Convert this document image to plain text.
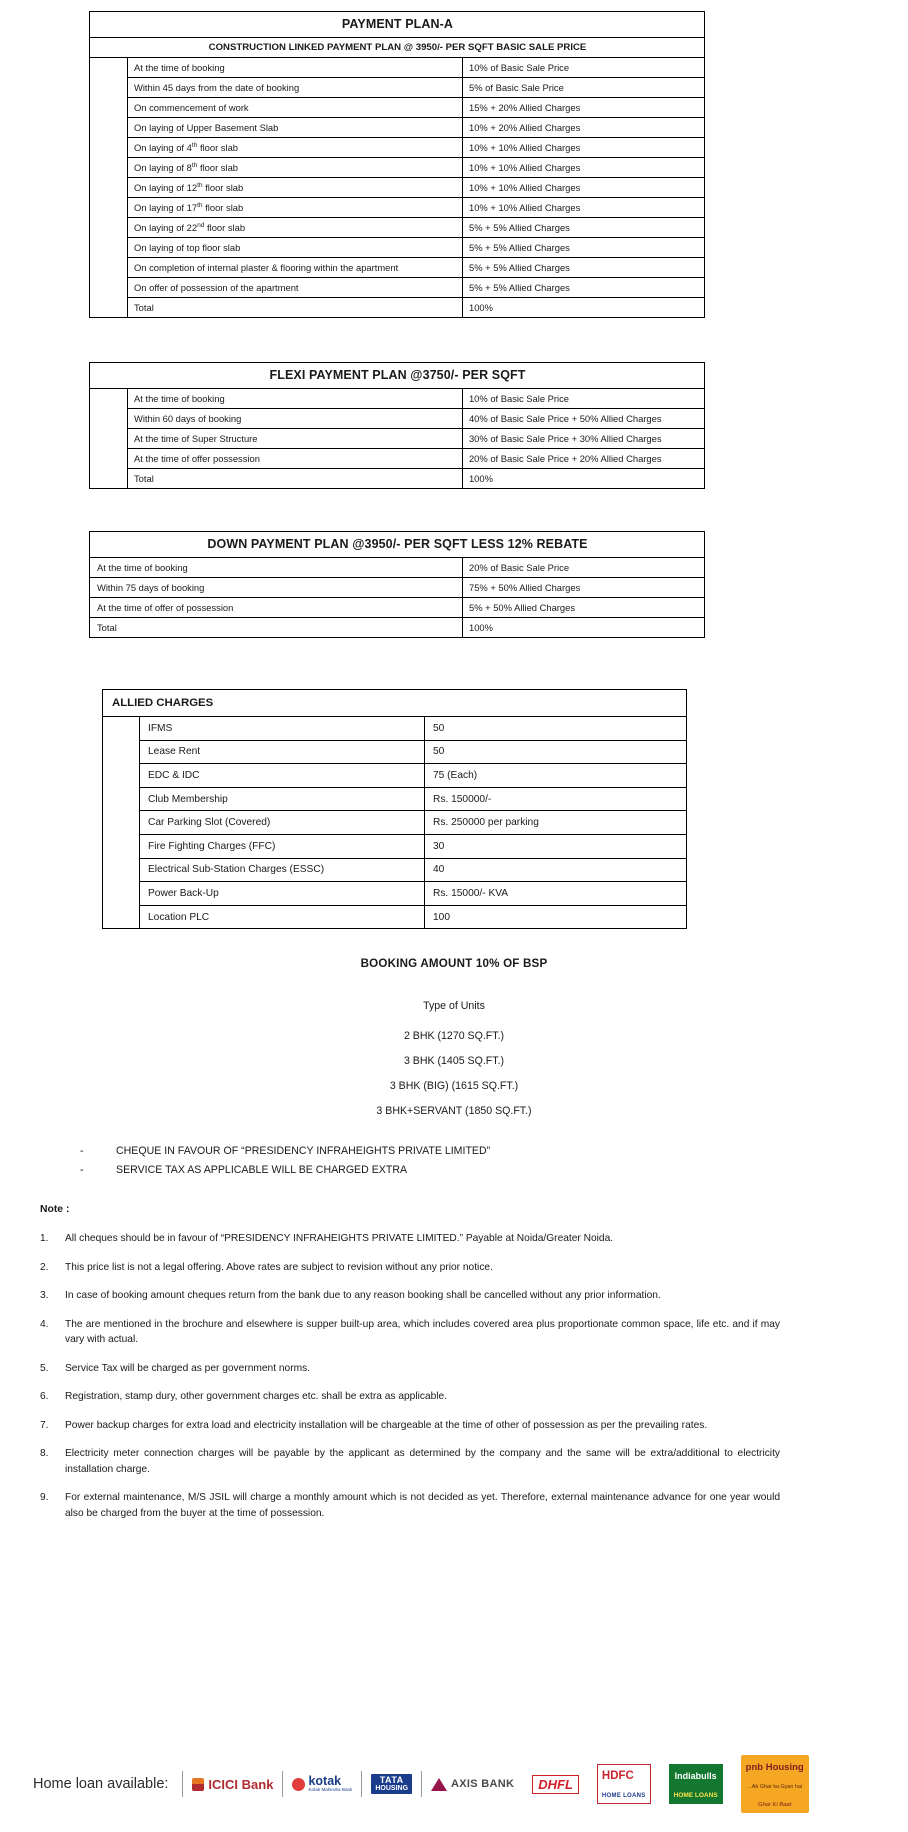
PAYMENT PLAN-A		
CONSTRUCTION LINKED PAYMENT PLAN @ 3950/- PER SQFT BASIC SALE PRICE		
	At the time of booking	10% of Basic Sale Price
	Within 45 days from the date of booking	5% of Basic Sale Price
	On commencement of work	15% + 20% Allied Charges
	On laying of Upper Basement Slab	10% + 20% Allied Charges
	On laying of 4th floor slab	10% + 10% Allied Charges
	On laying of 8th floor slab	10% + 10% Allied Charges
	On laying of 12th floor slab	10% + 10% Allied Charges
	On laying of 17th floor slab	10% + 10% Allied Charges
	On laying of 22nd floor slab	5% + 5% Allied Charges
	On laying of top floor slab	5% + 5% Allied Charges
	On completion of internal plaster & flooring within the apartment	5% + 5% Allied Charges
	On offer of possession of the apartment	5% + 5% Allied Charges
	Total	100%
FLEXI PAYMENT PLAN @3750/- PER SQFT		
	At the time of booking	10% of Basic Sale Price
	Within 60 days of booking	40% of Basic Sale Price + 50% Allied Charges
	At the time of Super Structure	30% of Basic Sale Price + 30% Allied Charges
	At the time of offer possession	20% of Basic Sale Price + 20% Allied Charges
	Total	100%
DOWN PAYMENT PLAN @3950/- PER SQFT LESS 12% REBATE	
At the time of booking	20% of Basic Sale Price
Within 75 days of booking	75% + 50% Allied Charges
At the time of offer of possession	5% + 50% Allied Charges
Total	100%
ALLIED CHARGES		
	IFMS	50
	Lease Rent	50
	EDC & IDC	75 (Each)
	Club Membership	Rs. 150000/-
	Car Parking Slot (Covered)	Rs. 250000 per parking
	Fire Fighting Charges (FFC)	30
	Electrical Sub-Station Charges (ESSC)	40
	Power Back-Up	Rs. 15000/- KVA
	Location PLC	100
BOOKING AMOUNT 10% OF BSP
Type of Units
2 BHK (1270 SQ.FT.)
3 BHK (1405 SQ.FT.)
3 BHK (BIG) (1615 SQ.FT.)
3 BHK+SERVANT (1850 SQ.FT.)
-	CHEQUE IN FAVOUR OF “PRESIDENCY INFRAHEIGHTS PRIVATE LIMITED”
-	SERVICE TAX AS APPLICABLE WILL BE CHARGED EXTRA
Note :
1.	All cheques should be in favour of “PRESIDENCY INFRAHEIGHTS PRIVATE LIMITED.” Payable at Noida/Greater Noida.
2.	This price list is not a legal offering. Above rates are subject to revision without any prior notice.
3.	In case of booking amount cheques return from the bank due to any reason booking shall be cancelled without any prior information.
4.	The are mentioned in the brochure and elsewhere is supper built-up area, which includes covered area plus proportionate common space, life etc. and if may vary with actual.
5.	Service Tax will be charged as per government norms.
6.	Registration, stamp dury, other government charges etc. shall be extra as applicable.
7.	Power backup charges for extra load and electricity installation will be chargeable at the time of other of possession as per the prevailing rates.
8.	Electricity meter connection charges will be payable by the applicant as determined by the company and the same will be extra/additional to electricity installation charge.
9.	For external maintenance, M/S JSIL will charge a monthly amount which is not decided as yet. Therefore, external maintenance advance for one year would also be charged from the buyer at the time of possession.
Home loan available:	ICICI Bank	kotak
Kotak Mahindra Bank
TATA
HOUSING	AXIS BANK DHFL
HDFC
HOME LOANS
Indiabulls
HOME LOANS
pnb Housing
...Ab Ghar ka Gyan hai
Ghar Ki Baat
